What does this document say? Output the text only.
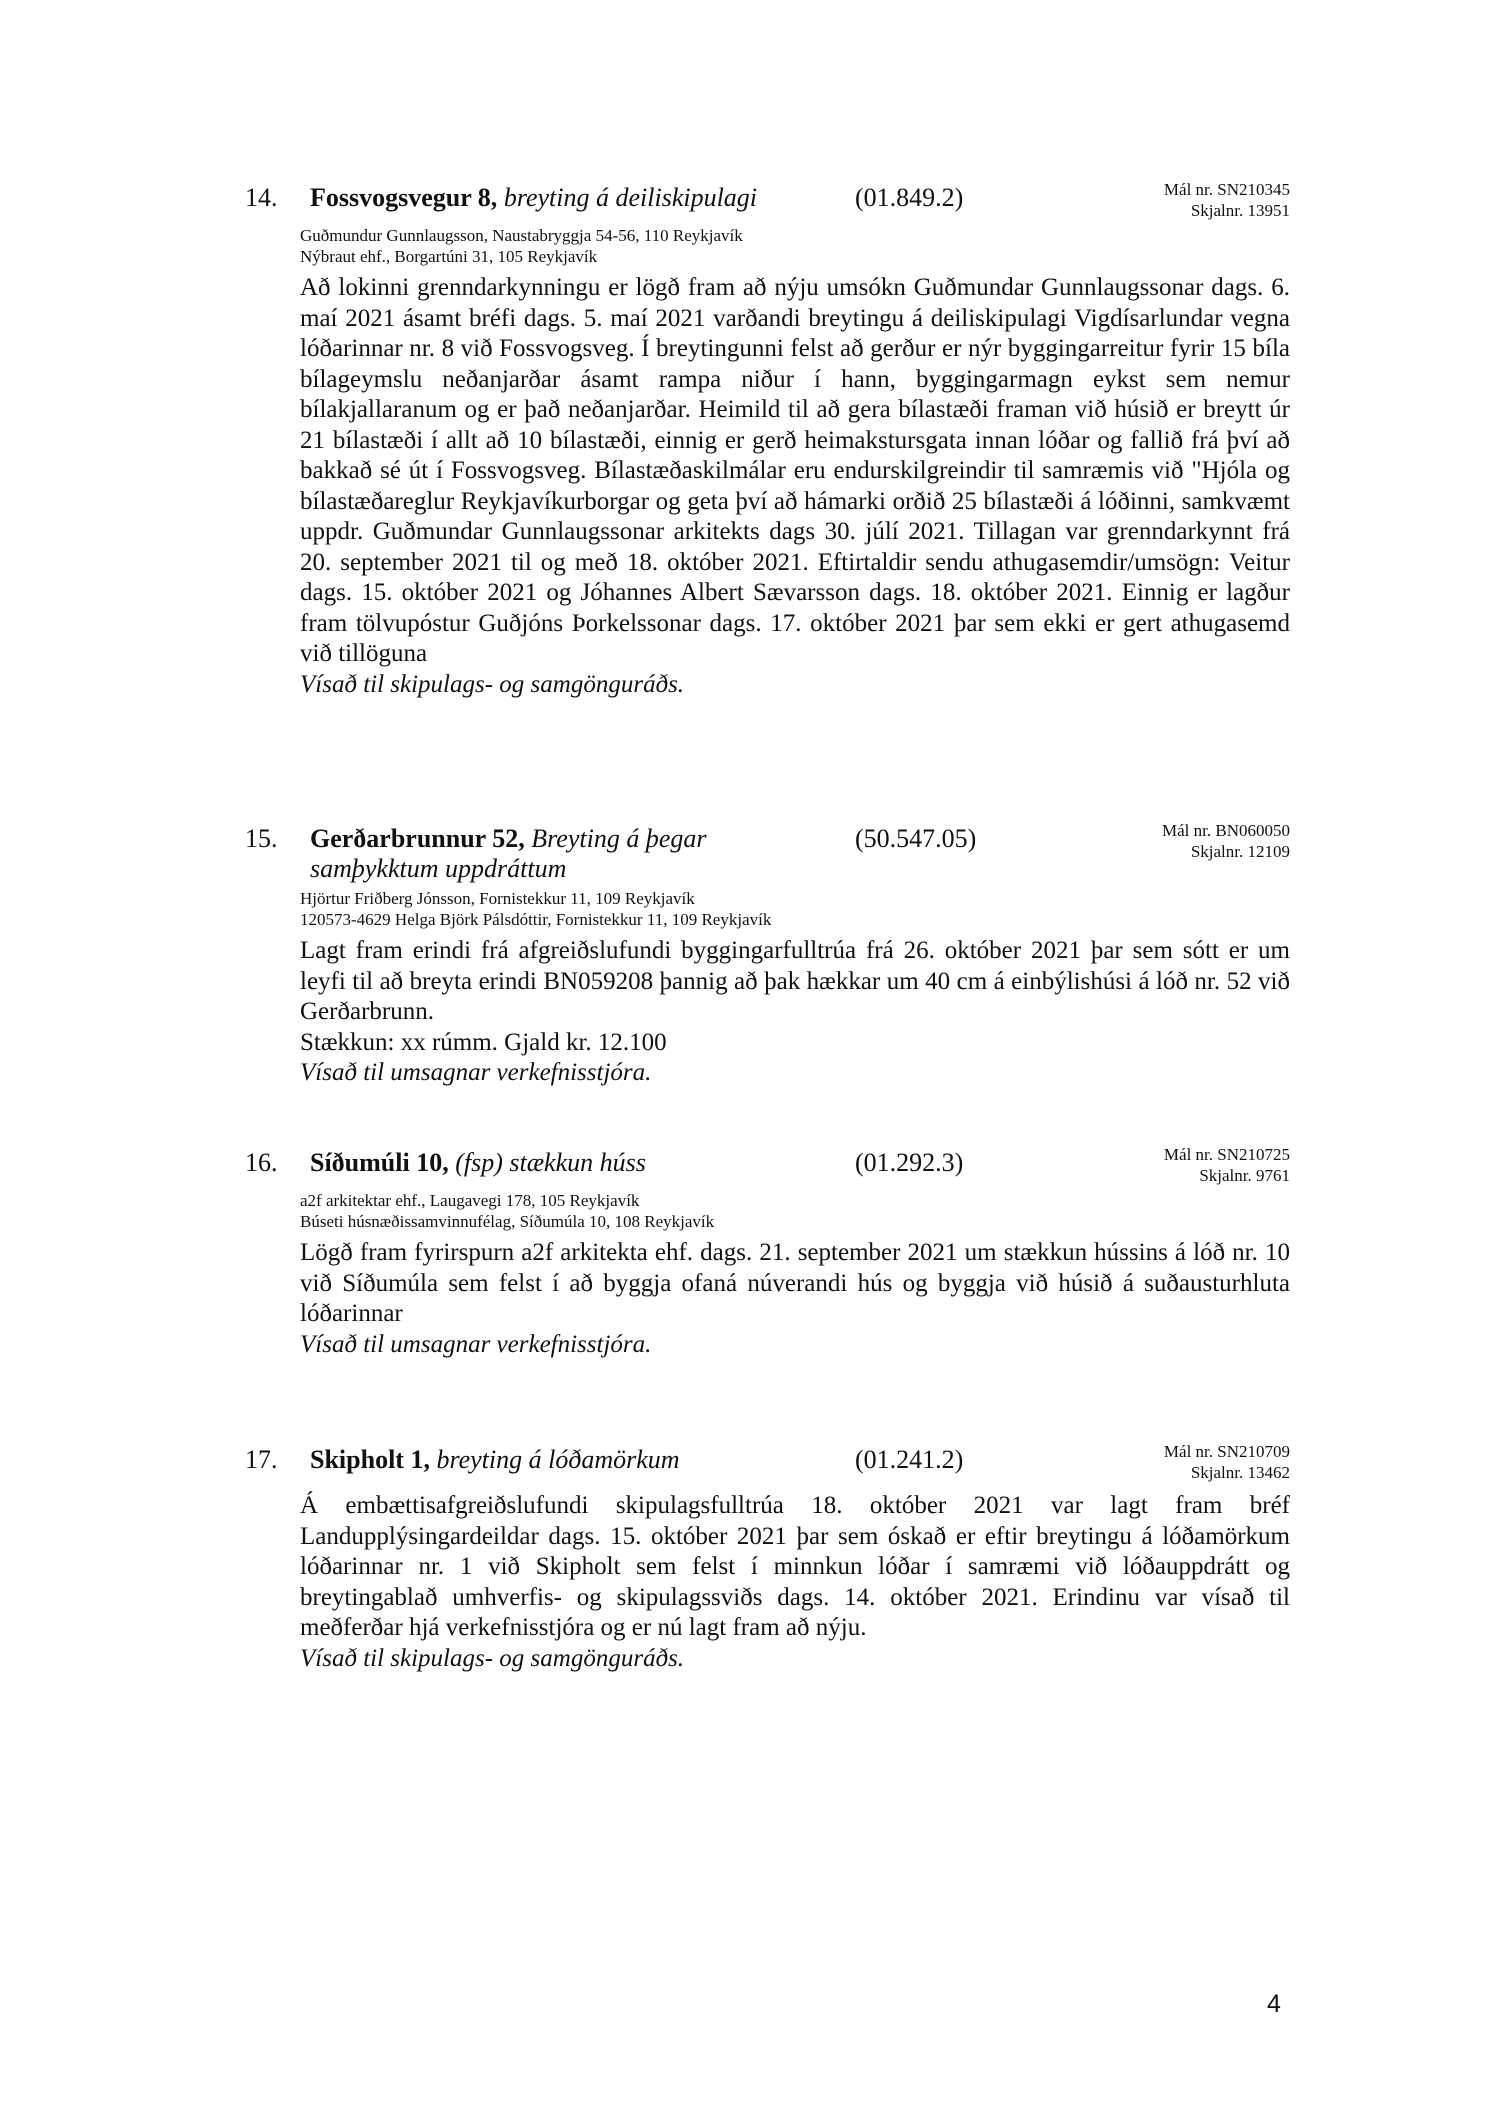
14. Fossvogsvegur 8, breyting á deiliskipulagi	(01.849.2)	Mál nr. SN210345
Skjalnr. 13951
Guðmundur Gunnlaugsson, Naustabryggja 54-56, 110 Reykjavík
Nýbraut ehf., Borgartúni 31, 105 Reykjavík

Að lokinni grenndarkynningu er lögð fram að nýju umsókn Guðmundar Gunnlaugssonar dags. 6. maí 2021 ásamt bréfi dags. 5. maí 2021 varðandi breytingu á deiliskipulagi Vigdísarlundar vegna lóðarinnar nr. 8 við Fossvogsveg. Í breytingunni felst að gerður er nýr byggingarreitur fyrir 15 bíla bílageymslu neðanjarðar ásamt rampa niður í hann, byggingarmagn eykst sem nemur bílakjallaranum og er það neðanjarðar. Heimild til að gera bílastæði framan við húsið er breytt úr 21 bílastæði í allt að 10 bílastæði, einnig er gerð heimakstursgata innan lóðar og fallið frá því að bakkað sé út í Fossvogsveg. Bílastæðaskilmálar eru endurskilgreindir til samræmis við "Hjóla og bílastæðareglur Reykjavíkurborgar og geta því að hámarki orðið 25 bílastæði á lóðinni, samkvæmt uppdr. Guðmundar Gunnlaugssonar arkitekts dags 30. júlí 2021. Tillagan var grenndarkynnt frá 20. september 2021 til og með 18. október 2021. Eftirtaldir sendu athugasemdir/umsögn: Veitur dags. 15. október 2021 og Jóhannes Albert Sævarsson dags. 18. október 2021. Einnig er lagður fram tölvupóstur Guðjóns Þorkelssonar dags. 17. október 2021 þar sem ekki er gert athugasemd við tillöguna

Vísað til skipulags- og samgönguráðs.

15. Gerðarbrunnur 52, Breyting á þegar samþykktum uppdráttum
(50.547.05)	Mál nr. BN060050
Skjalnr. 12109
Hjörtur Friðberg Jónsson, Fornistekkur 11, 109 Reykjavík
120573-4629 Helga Björk Pálsdóttir, Fornistekkur 11, 109 Reykjavík

Lagt fram erindi frá afgreiðslufundi byggingarfulltrúa frá 26. október 2021 þar sem sótt er um leyfi til að breyta erindi BN059208 þannig að þak hækkar um 40 cm á einbýlishúsi á lóð nr. 52 við Gerðarbrunn.

Stækkun: xx rúmm. Gjald kr. 12.100

Vísað til umsagnar verkefnisstjóra.

16. Síðumúli 10, (fsp) stækkun húss	(01.292.3)	Mál nr. SN210725
Skjalnr. 9761
a2f arkitektar ehf., Laugavegi 178, 105 Reykjavík
Búseti húsnæðissamvinnufélag, Síðumúla 10, 108 Reykjavík

Lögð fram fyrirspurn a2f arkitekta ehf. dags. 21. september 2021 um stækkun hússins á lóð nr. 10 við Síðumúla sem felst í að byggja ofaná núverandi hús og byggja við húsið á suðausturhluta lóðarinnar

Vísað til umsagnar verkefnisstjóra.

17. Skipholt 1, breyting á lóðamörkum	(01.241.2)	Mál nr. SN210709
Skjalnr. 13462

Á embættisafgreiðslufundi skipulagsfulltrúa 18. október 2021 var lagt fram bréf Landupplýsingardeildar dags. 15. október 2021 þar sem óskað er eftir breytingu á lóðamörkum lóðarinnar nr. 1 við Skipholt sem felst í minnkun lóðar í samræmi við lóðauppdrátt og breytingablað umhverfis- og skipulagssviðs dags. 14. október 2021. Erindinu var vísað til meðferðar hjá verkefnisstjóra og er nú lagt fram að nýju.

Vísað til skipulags- og samgönguráðs.

4
